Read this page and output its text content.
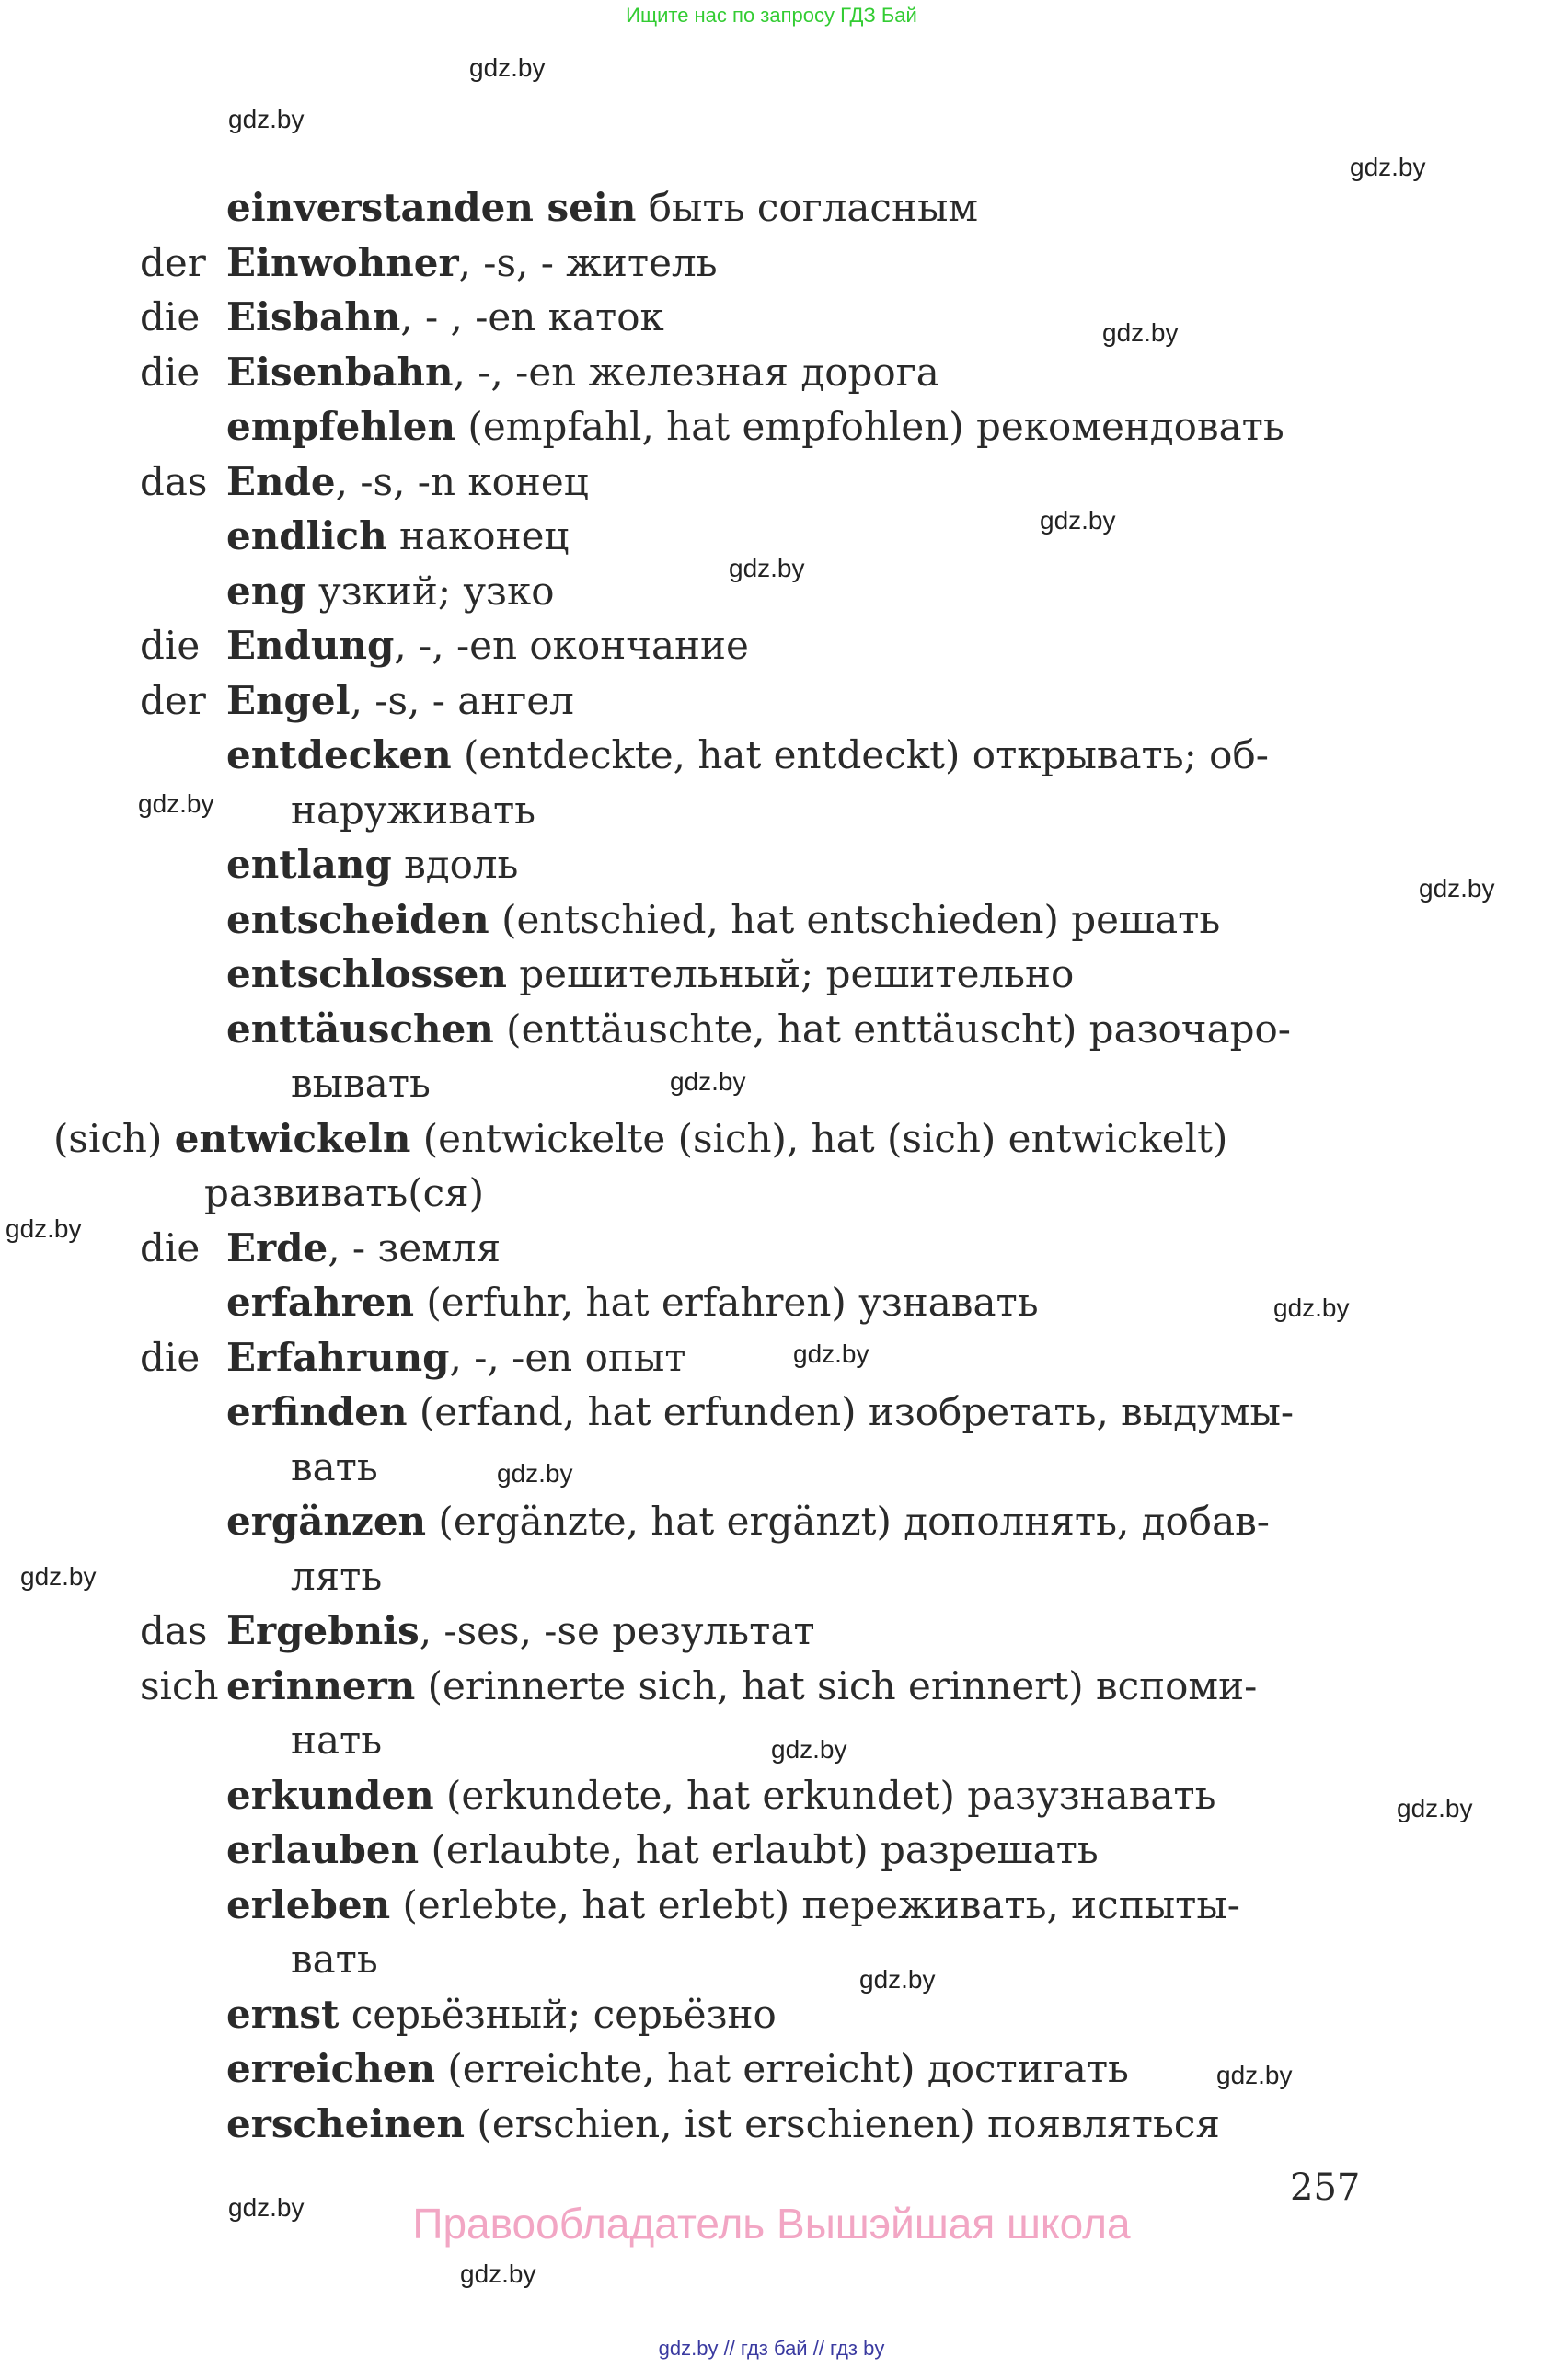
Ищите нас по запросу ГДЗ Бай
gdz.by
gdz.by
gdz.by
gdz.by
gdz.by
gdz.by
gdz.by
gdz.by
gdz.by
gdz.by
gdz.by
gdz.by
gdz.by
gdz.by
gdz.by
gdz.by
gdz.by
gdz.by
gdz.by
gdz.by
einverstanden sein быть согласным
der Einwohner, -s, - житель
die Eisbahn, - , -en каток
die Eisenbahn, -, -en железная дорога
empfehlen (empfahl, hat empfohlen) рекомендовать
das Ende, -s, -n конец
endlich наконец
eng узкий; узко
die Endung, -, -en окончание
der Engel, -s, - ангел
entdecken (entdeckte, hat entdeckt) открывать; об-
наруживать
entlang вдоль
entscheiden (entschied, hat entschieden) решать
entschlossen решительный; решительно
enttäuschen (enttäuschte, hat enttäuscht) разочаро-
вывать
(sich) entwickeln (entwickelte (sich), hat (sich) entwickelt)
развивать(ся)
die Erde, - земля
erfahren (erfuhr, hat erfahren) узнавать
die Erfahrung, -, -en опыт
erfinden (erfand, hat erfunden) изобретать, выдумы-
вать
ergänzen (ergänzte, hat ergänzt) дополнять, добав-
лять
das Ergebnis, -ses, -se результат
sich erinnern (erinnerte sich, hat sich erinnert) вспоми-
нать
erkunden (erkundete, hat erkundet) разузнавать
erlauben (erlaubte, hat erlaubt) разрешать
erleben (erlebte, hat erlebt) переживать, испыты-
вать
ernst серьёзный; серьёзно
erreichen (erreichte, hat erreicht) достигать
erscheinen (erschien, ist erschienen) появляться
257
Правообладатель Вышэйшая школа
gdz.by // гдз бай // гдз by
